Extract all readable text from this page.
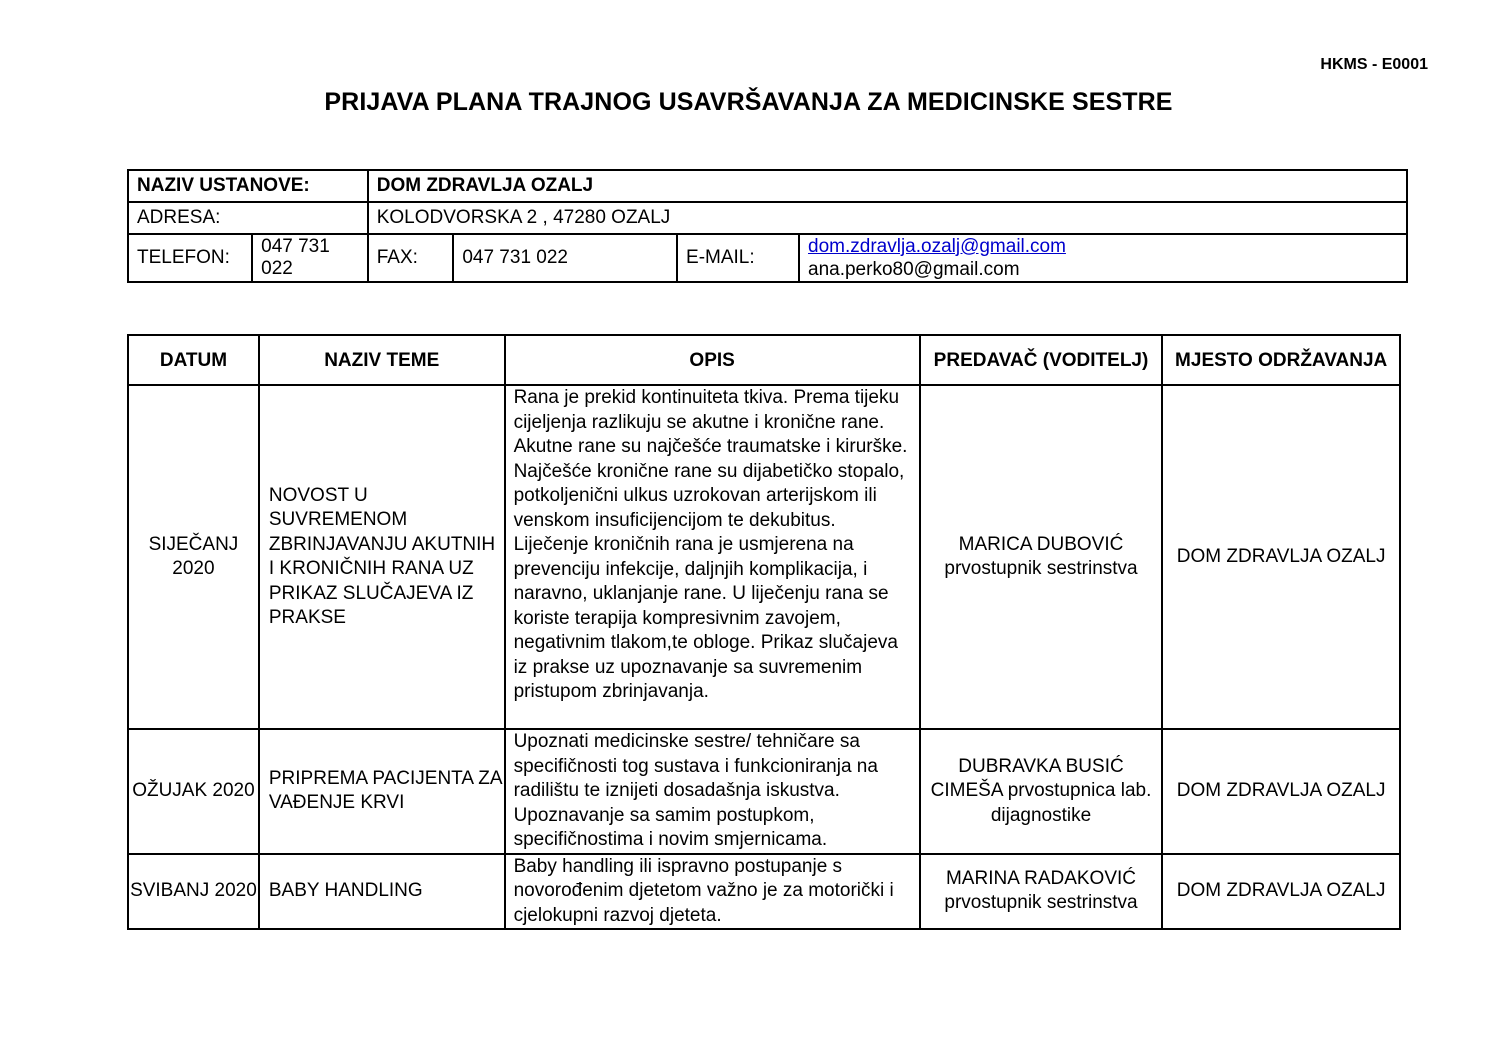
HKMS - E0001
PRIJAVA PLANA TRAJNOG USAVRŠAVANJA ZA MEDICINSKE SESTRE
NAZIV USTANOVE:		DOM ZDRAVLJA OZALJ			
ADRESA:		KOLODVORSKA 2 , 47280 OZALJ			
TELEFON:	047 731 022	FAX:	047 731 022	E-MAIL:	dom.zdravlja.ozalj@gmail.com
ana.perko80@gmail.com
DATUM	NAZIV TEME	OPIS	PREDAVAČ (VODITELJ)	MJESTO ODRŽAVANJA
SIJEČANJ 2020	NOVOST U SUVREMENOM ZBRINJAVANJU AKUTNIH I KRONIČNIH RANA UZ PRIKAZ SLUČAJEVA IZ PRAKSE	Rana je prekid kontinuiteta tkiva. Prema tijeku cijeljenja razlikuju se akutne i kronične rane. Akutne rane su najčešće traumatske i kirurške. Najčešće kronične rane su dijabetičko stopalo, potkoljenični ulkus uzrokovan arterijskom ili venskom insuficijencijom te dekubitus. Liječenje kroničnih rana je usmjerena na prevenciju infekcije, daljnjih komplikacija, i naravno, uklanjanje rane. U liječenju rana se koriste terapija kompresivnim zavojem, negativnim tlakom,te obloge. Prikaz slučajeva iz prakse uz upoznavanje sa suvremenim pristupom zbrinjavanja.	MARICA DUBOVIĆ prvostupnik sestrinstva	DOM ZDRAVLJA OZALJ
OŽUJAK 2020	PRIPREMA PACIJENTA ZA VAĐENJE KRVI	Upoznati medicinske sestre/ tehničare sa specifičnosti tog sustava i funkcioniranja na radilištu te iznijeti dosadašnja iskustva. Upoznavanje sa samim postupkom, specifičnostima i novim smjernicama.	DUBRAVKA BUSIĆ CIMEŠA prvostupnica lab. dijagnostike	DOM ZDRAVLJA OZALJ
SVIBANJ 2020	BABY HANDLING	Baby handling ili ispravno postupanje s novorođenim djetetom važno je za motorički i cjelokupni razvoj djeteta.	MARINA RADAKOVIĆ prvostupnik sestrinstva	DOM ZDRAVLJA OZALJ
